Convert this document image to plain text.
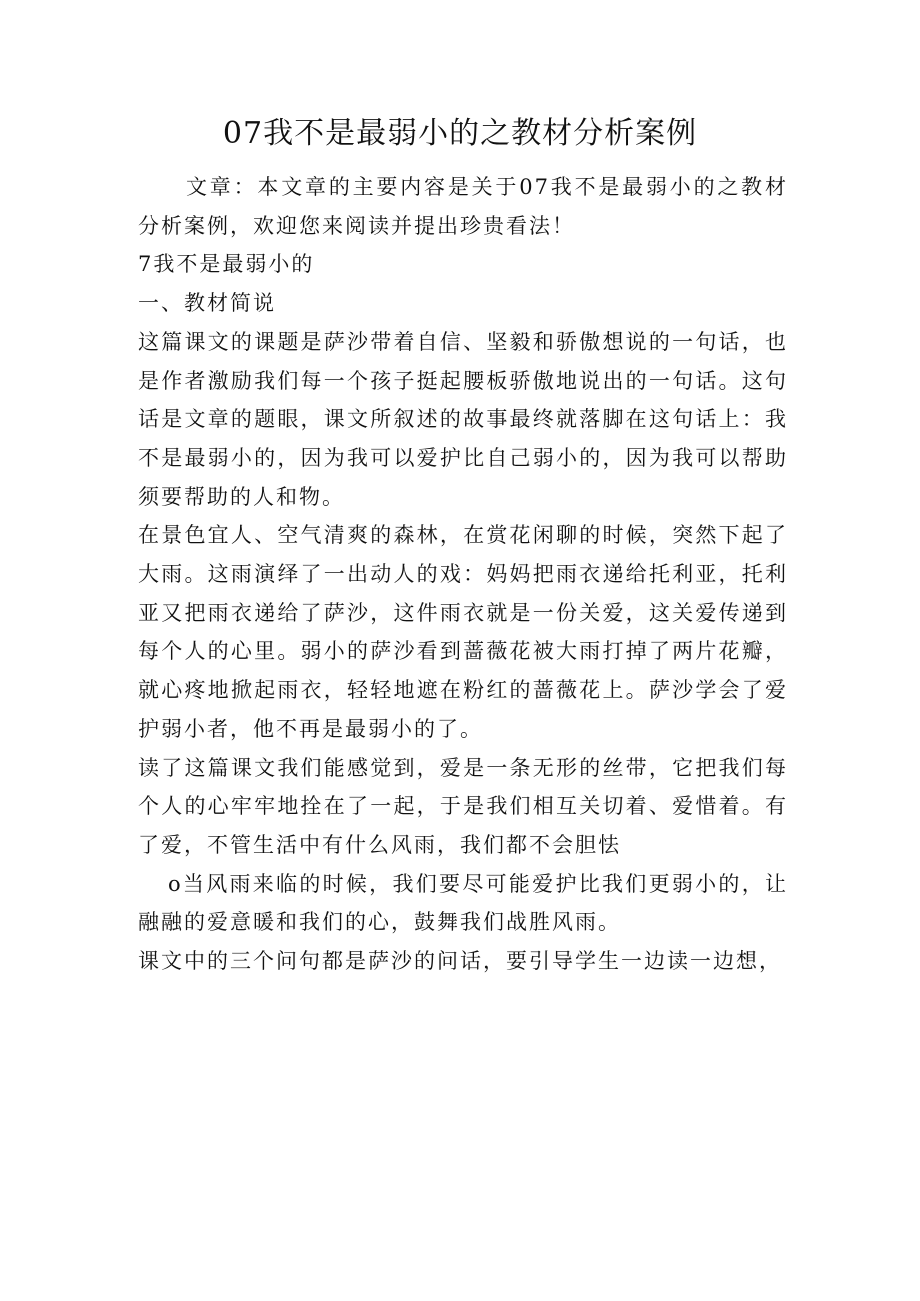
07我不是最弱小的之教材分析案例

文章：本文章的主要内容是关于07我不是最弱小的之教材分析案例，欢迎您来阅读并提出珍贵看法！

7我不是最弱小的

一、教材简说

这篇课文的课题是萨沙带着自信、坚毅和骄傲想说的一句话，也是作者激励我们每一个孩子挺起腰板骄傲地说出的一句话。这句话是文章的题眼，课文所叙述的故事最终就落脚在这句话上：我不是最弱小的，因为我可以爱护比自己弱小的，因为我可以帮助须要帮助的人和物。

在景色宜人、空气清爽的森林，在赏花闲聊的时候，突然下起了大雨。这雨演绎了一出动人的戏：妈妈把雨衣递给托利亚，托利亚又把雨衣递给了萨沙，这件雨衣就是一份关爱，这关爱传递到每个人的心里。弱小的萨沙看到蔷薇花被大雨打掉了两片花瓣，就心疼地掀起雨衣，轻轻地遮在粉红的蔷薇花上。萨沙学会了爱护弱小者，他不再是最弱小的了。

读了这篇课文我们能感觉到，爱是一条无形的丝带，它把我们每个人的心牢牢地拴在了一起，于是我们相互关切着、爱惜着。有了爱，不管生活中有什么风雨，我们都不会胆怯

o当风雨来临的时候，我们要尽可能爱护比我们更弱小的，让融融的爱意暖和我们的心，鼓舞我们战胜风雨。

课文中的三个问句都是萨沙的问话，要引导学生一边读一边想，
